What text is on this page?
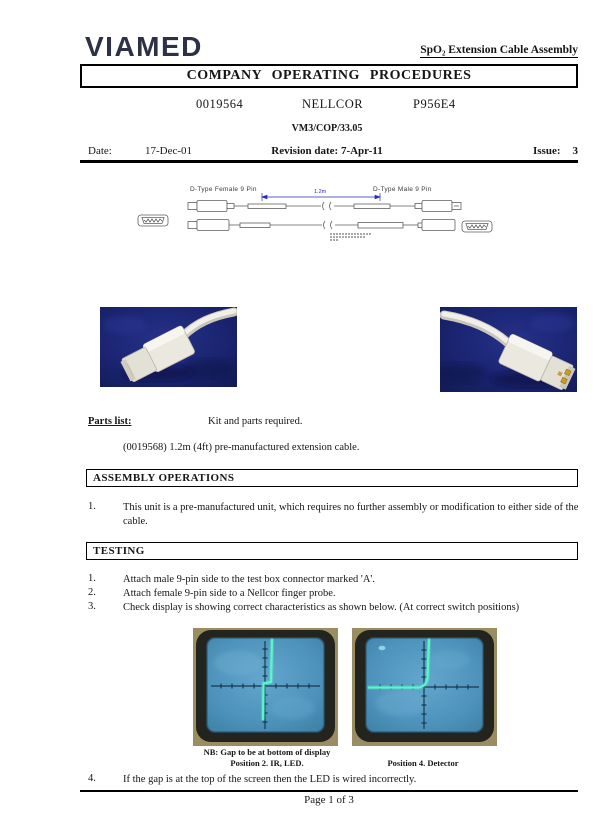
VIAMED	SpO₂ Extension Cable Assembly
COMPANY OPERATING PROCEDURES
0019564	NELLCOR	P956E4
VM3/COP/33.05
Date:	17-Dec-01	Revision date: 7-Apr-11	Issue: 3
D-Type Female 9 Pin	D-Type Male 9 Pin
1.2m
Parts list:	Kit and parts required.
(0019568) 1.2m (4ft) pre-manufactured extension cable.
ASSEMBLY OPERATIONS
1.	This unit is a pre-manufactured unit, which requires no further assembly or modification to either side of the cable.
TESTING
1.	Attach male 9-pin side to the test box connector marked 'A'.
2.	Attach female 9-pin side to a Nellcor finger probe.
3.	Check display is showing correct characteristics as shown below. (At correct switch positions)
NB: Gap to be at bottom of display
Position 2. IR, LED.	Position 4. Detector
4.	If the gap is at the top of the screen then the LED is wired incorrectly.
Page 1 of 3
